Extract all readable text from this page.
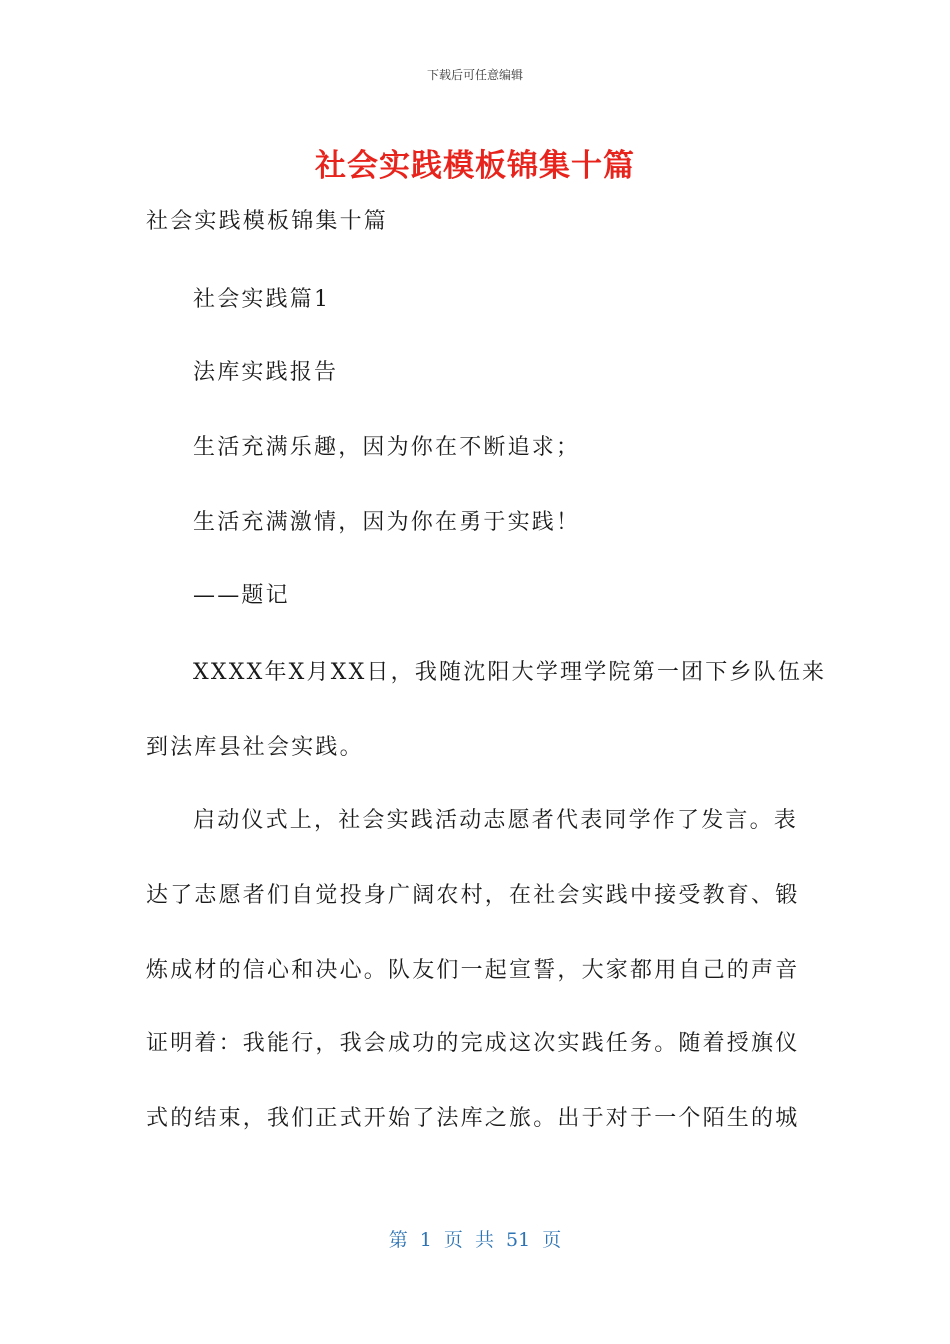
下载后可任意编辑
社会实践模板锦集十篇
社会实践模板锦集十篇
社会实践篇1
法库实践报告
生活充满乐趣，因为你在不断追求；
生活充满激情，因为你在勇于实践！
——题记
XXXX年X月XX日，我随沈阳大学理学院第一团下乡队伍来
到法库县社会实践。
启动仪式上，社会实践活动志愿者代表同学作了发言。表
达了志愿者们自觉投身广阔农村，在社会实践中接受教育、锻
炼成材的信心和决心。队友们一起宣誓，大家都用自己的声音
证明着：我能行，我会成功的完成这次实践任务。随着授旗仪
式的结束，我们正式开始了法库之旅。出于对于一个陌生的城
第 1 页 共 51 页
